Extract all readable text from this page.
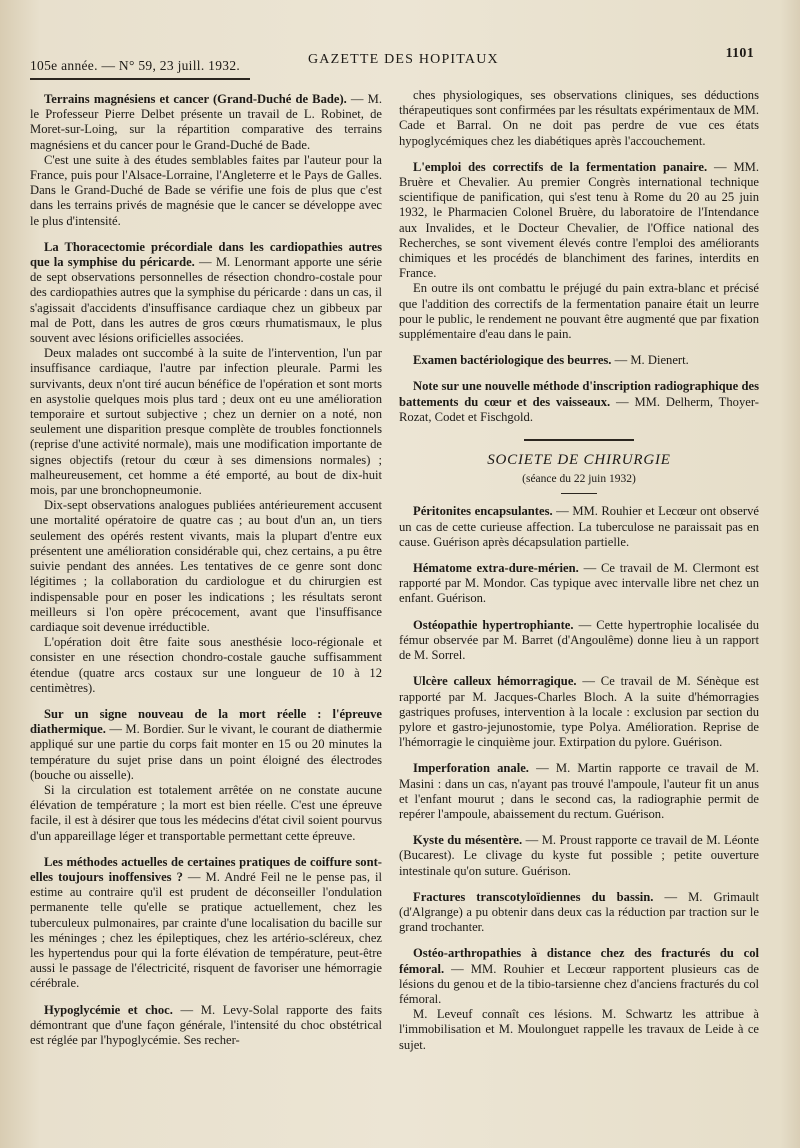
105e année. — N° 59, 23 juill. 1932.	GAZETTE DES HOPITAUX	1101

Terrains magnésiens et cancer (Grand-Duché de Bade). — M. le Professeur Pierre Delbet présente un travail de L. Robinet, de Moret-sur-Loing, sur la répartition comparative des terrains magnésiens et du cancer pour le Grand-Duché de Bade.

C'est une suite à des études semblables faites par l'auteur pour la France, puis pour l'Alsace-Lorraine, l'Angleterre et le Pays de Galles. Dans le Grand-Duché de Bade se vérifie une fois de plus que c'est dans les terrains privés de magnésie que le cancer se développe avec le plus d'intensité.

La Thoracectomie précordiale dans les cardiopathies autres que la symphise du péricarde. — M. Lenormant apporte une série de sept observations personnelles de résection chondro-costale pour des cardiopathies autres que la symphise du péricarde : dans un cas, il s'agissait d'accidents d'insuffisance cardiaque chez un gibbeux par mal de Pott, dans les autres de gros cœurs rhumatismaux, le plus souvent avec lésions orificielles associées.

Deux malades ont succombé à la suite de l'intervention, l'un par insuffisance cardiaque, l'autre par infection pleurale. Parmi les survivants, deux n'ont tiré aucun bénéfice de l'opération et sont morts en asystolie quelques mois plus tard ; deux ont eu une amélioration temporaire et surtout subjective ; chez un dernier on a noté, non seulement une disparition presque complète de troubles fonctionnels (reprise d'une activité normale), mais une modification importante de signes objectifs (retour du cœur à ses dimensions normales) ; malheureusement, cet homme a été emporté, au bout de dix-huit mois, par une bronchopneumonie.

Dix-sept observations analogues publiées antérieurement accusent une mortalité opératoire de quatre cas ; au bout d'un an, un tiers seulement des opérés restent vivants, mais la plupart d'entre eux présentent une amélioration considérable qui, chez certains, a pu être suivie pendant des années. Les tentatives de ce genre sont donc légitimes ; la collaboration du cardiologue et du chirurgien est indispensable pour en poser les indications ; les résultats seront meilleurs si l'on opère précocement, avant que l'insuffisance cardiaque soit devenue irréductible.

L'opération doit être faite sous anesthésie loco-régionale et consister en une résection chondro-costale gauche suffisamment étendue (quatre arcs costaux sur une longueur de 10 à 12 centimètres).

Sur un signe nouveau de la mort réelle : l'épreuve diathermique. — M. Bordier. Sur le vivant, le courant de diathermie appliqué sur une partie du corps fait monter en 15 ou 20 minutes la température du sujet prise dans un point éloigné des électrodes (bouche ou aisselle).

Si la circulation est totalement arrêtée on ne constate aucune élévation de température ; la mort est bien réelle. C'est une épreuve facile, il est à désirer que tous les médecins d'état civil soient pourvus d'un appareillage léger et transportable permettant cette épreuve.

Les méthodes actuelles de certaines pratiques de coiffure sont-elles toujours inoffensives ? — M. André Feil ne le pense pas, il estime au contraire qu'il est prudent de déconseiller l'ondulation permanente telle qu'elle se pratique actuellement, chez les tuberculeux pulmonaires, par crainte d'une localisation du bacille sur les méninges ; chez les épileptiques, chez les artério-scléreux, chez les hypertendus pour qui la forte élévation de température, peut-être aussi le passage de l'électricité, risquent de favoriser une hémorragie cérébrale.

Hypoglycémie et choc. — M. Levy-Solal rapporte des faits démontrant que d'une façon générale, l'intensité du choc obstétrical est réglée par l'hypoglycémie. Ses recher-

ches physiologiques, ses observations cliniques, ses déductions thérapeutiques sont confirmées par les résultats expérimentaux de MM. Cade et Barral. On ne doit pas perdre de vue ces états hypoglycémiques chez les diabétiques après l'accouchement.

L'emploi des correctifs de la fermentation panaire. — MM. Bruère et Chevalier. Au premier Congrès international technique scientifique de panification, qui s'est tenu à Rome du 20 au 25 juin 1932, le Pharmacien Colonel Bruère, du laboratoire de l'Intendance aux Invalides, et le Docteur Chevalier, de l'Office national des Recherches, se sont vivement élevés contre l'emploi des améliorants chimiques et les procédés de blanchiment des farines, interdits en France.

En outre ils ont combattu le préjugé du pain extra-blanc et précisé que l'addition des correctifs de la fermentation panaire était un leurre pour le public, le rendement ne pouvant être augmenté que par fixation supplémentaire d'eau dans le pain.

Examen bactériologique des beurres. — M. Dienert.

Note sur une nouvelle méthode d'inscription radiographique des battements du cœur et des vaisseaux. — MM. Delherm, Thoyer-Rozat, Codet et Fischgold.

SOCIETE DE CHIRURGIE
(séance du 22 juin 1932)

Péritonites encapsulantes. — MM. Rouhier et Lecœur ont observé un cas de cette curieuse affection. La tuberculose ne paraissait pas en cause. Guérison après décapsulation partielle.

Hématome extra-dure-mérien. — Ce travail de M. Clermont est rapporté par M. Mondor. Cas typique avec intervalle libre net chez un enfant. Guérison.

Ostéopathie hypertrophiante. — Cette hypertrophie localisée du fémur observée par M. Barret (d'Angoulême) donne lieu à un rapport de M. Sorrel.

Ulcère calleux hémorragique. — Ce travail de M. Sénèque est rapporté par M. Jacques-Charles Bloch. A la suite d'hémorragies gastriques profuses, intervention à la locale : exclusion par section du pylore et gastro-jejunostomie, type Polya. Amélioration. Reprise de l'hémorragie le cinquième jour. Extirpation du pylore. Guérison.

Imperforation anale. — M. Martin rapporte ce travail de M. Masini : dans un cas, n'ayant pas trouvé l'ampoule, l'auteur fit un anus et l'enfant mourut ; dans le second cas, la radiographie permit de repérer l'ampoule, abaissement du rectum. Guérison.

Kyste du mésentère. — M. Proust rapporte ce travail de M. Léonte (Bucarest). Le clivage du kyste fut possible ; petite ouverture intestinale qu'on suture. Guérison.

Fractures transcotyloïdiennes du bassin. — M. Grimault (d'Algrange) a pu obtenir dans deux cas la réduction par traction sur le grand trochanter.

Ostéo-arthropathies à distance chez des fracturés du col fémoral. — MM. Rouhier et Lecœur rapportent plusieurs cas de lésions du genou et de la tibio-tarsienne chez d'anciens fracturés du col fémoral.

M. Leveuf connaît ces lésions. M. Schwartz les attribue à l'immobilisation et M. Moulonguet rappelle les travaux de Leide à ce sujet.
